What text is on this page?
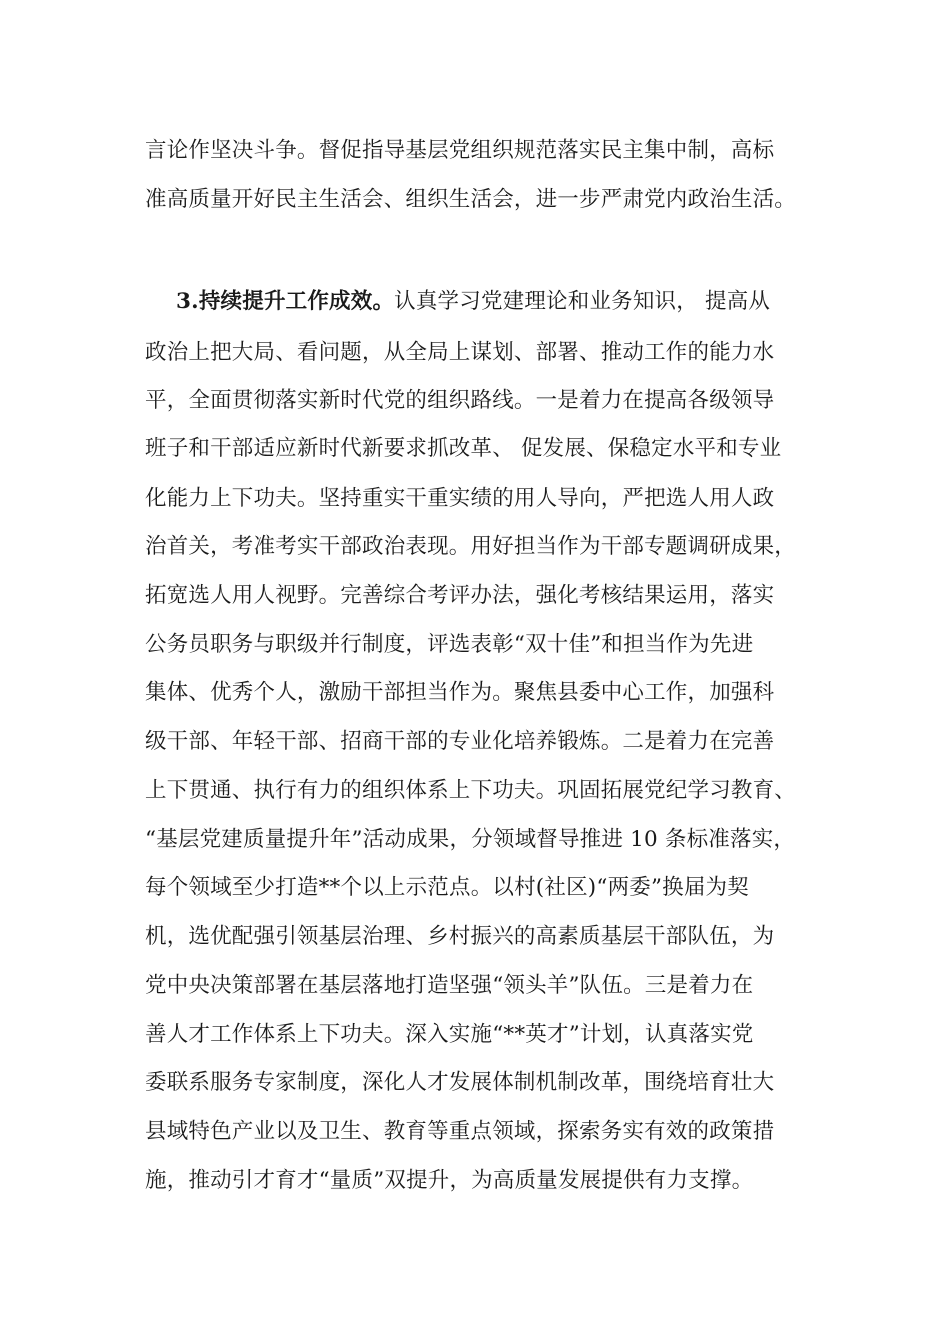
言论作坚决斗争。督促指导基层党组织规范落实民主集中制，高标
准高质量开好民主生活会、组织生活会，进一步严肃党内政治生活。
3.持续提升工作成效。认真学习党建理论和业务知识， 提高从
政治上把大局、看问题，从全局上谋划、部署、推动工作的能力水
平，全面贯彻落实新时代党的组织路线。一是着力在提高各级领导
班子和干部适应新时代新要求抓改革、 促发展、保稳定水平和专业
化能力上下功夫。坚持重实干重实绩的用人导向，严把选人用人政
治首关，考准考实干部政治表现。用好担当作为干部专题调研成果，
拓宽选人用人视野。完善综合考评办法，强化考核结果运用，落实
公务员职务与职级并行制度，评选表彰“双十佳”和担当作为先进
集体、优秀个人，激励干部担当作为。聚焦县委中心工作，加强科
级干部、年轻干部、招商干部的专业化培养锻炼。二是着力在完善
上下贯通、执行有力的组织体系上下功夫。巩固拓展党纪学习教育、
“基层党建质量提升年”活动成果，分领域督导推进 10 条标准落实，
每个领域至少打造**个以上示范点。以村(社区)“两委”换届为契
机，选优配强引领基层治理、乡村振兴的高素质基层干部队伍，为
党中央决策部署在基层落地打造坚强“领头羊”队伍。三是着力在
善人才工作体系上下功夫。深入实施“**英才”计划，认真落实党
委联系服务专家制度，深化人才发展体制机制改革，围绕培育壮大
县域特色产业以及卫生、教育等重点领域，探索务实有效的政策措
施，推动引才育才“量质”双提升，为高质量发展提供有力支撑。
